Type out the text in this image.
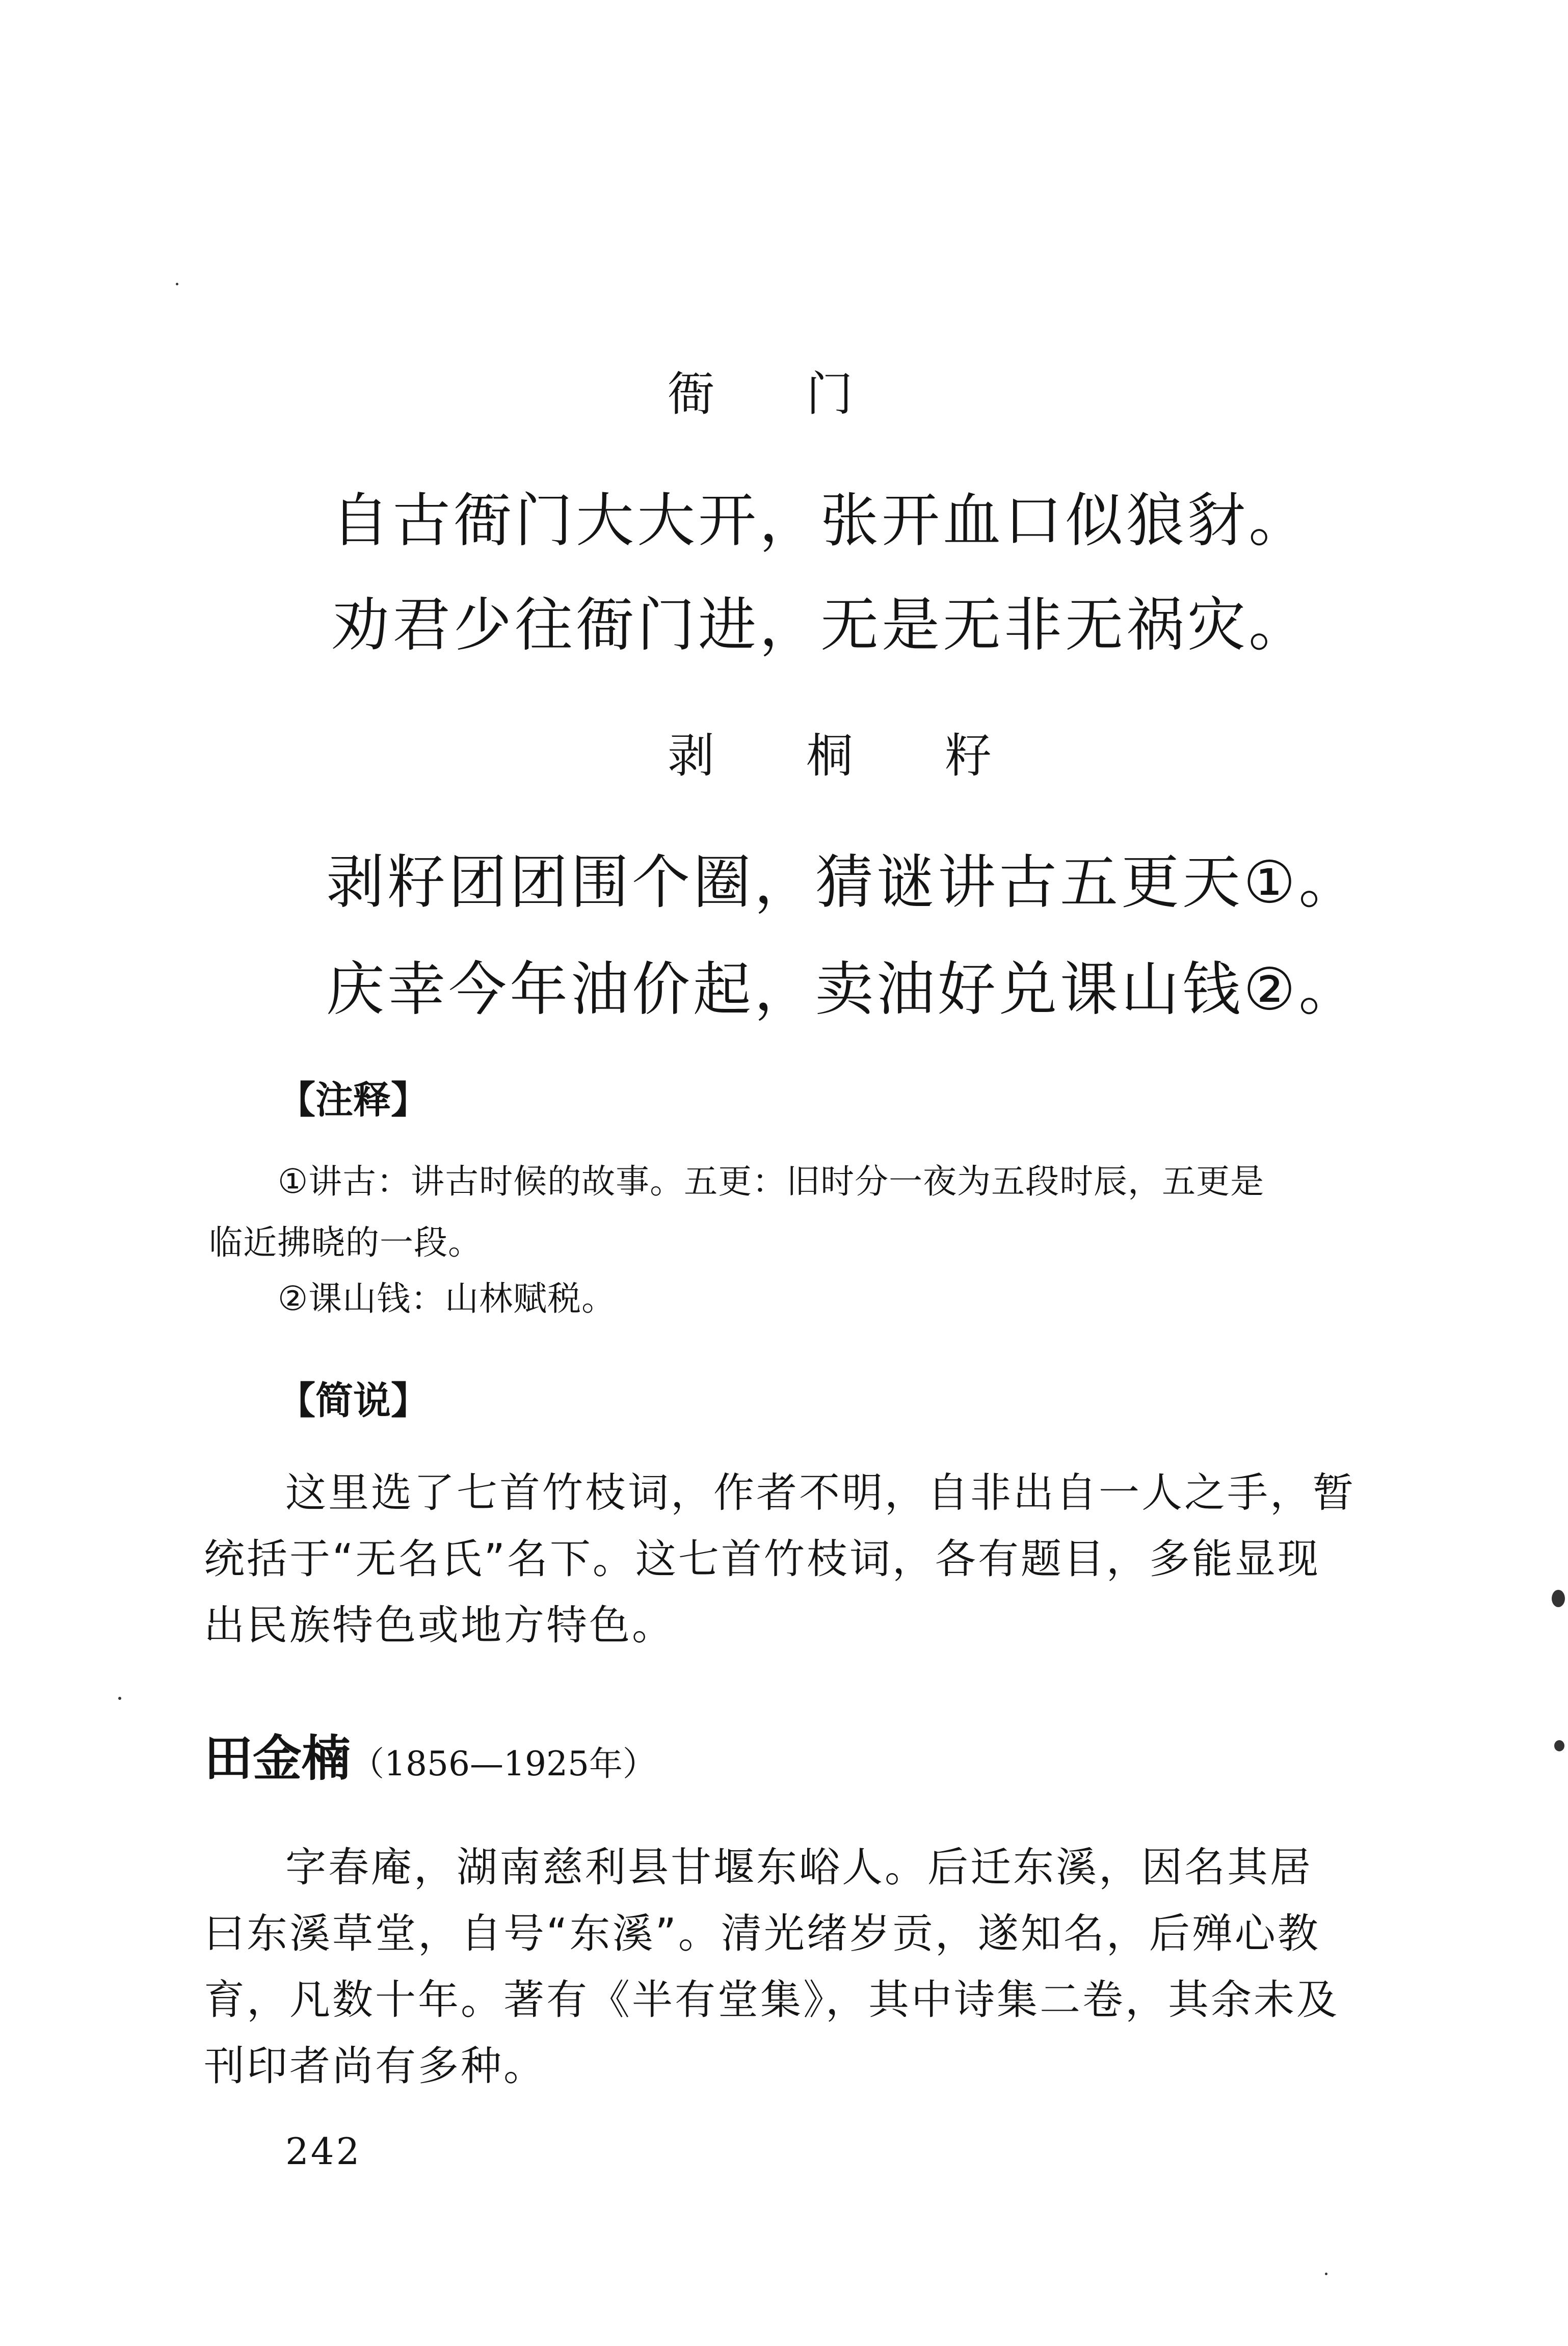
衙门
自古衙门大大开，张开血口似狼豺。
劝君少往衙门进，无是无非无祸灾。
剥桐籽
剥籽团团围个圈，猜谜讲古五更天①。
庆幸今年油价起，卖油好兑课山钱②。
【注释】
①讲古：讲古时候的故事。五更：旧时分一夜为五段时辰，五更是
临近拂晓的一段。
②课山钱：山林赋税。
【简说】
这里选了七首竹枝词，作者不明，自非出自一人之手，暂
统括于“无名氏”名下。这七首竹枝词，各有题目，多能显现
出民族特色或地方特色。
田金楠（1856—1925年）
字春庵，湖南慈利县甘堰东峪人。后迁东溪，因名其居
曰东溪草堂，自号“东溪”。清光绪岁贡，遂知名，后殚心教
育，凡数十年。著有《半有堂集》，其中诗集二卷，其余未及
刊印者尚有多种。
242
